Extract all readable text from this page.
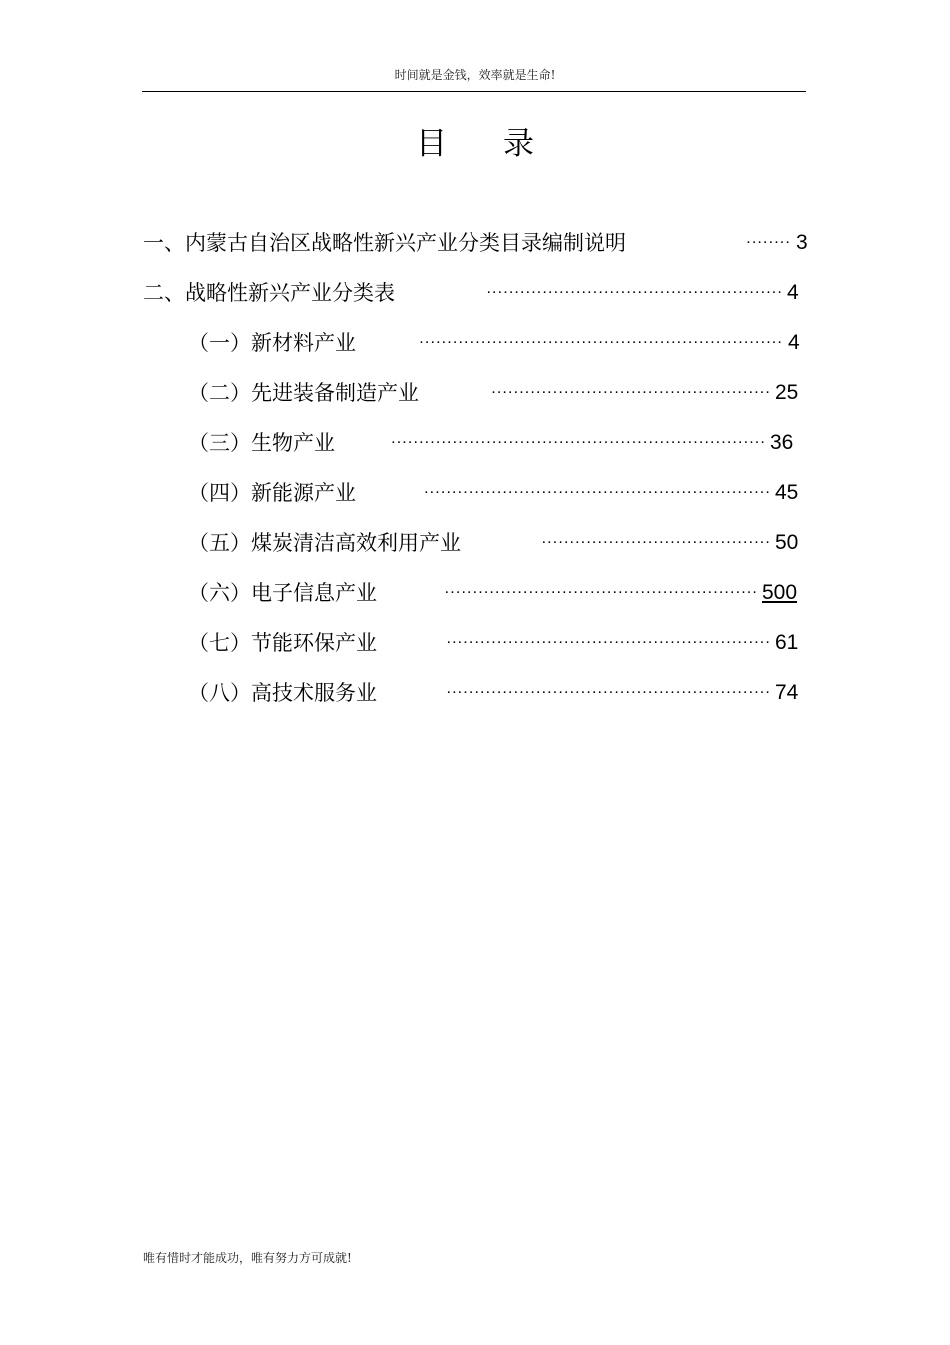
时间就是金钱，效率就是生命!
目录
一、内蒙古自治区战略性新兴产业分类目录编制说明	........ 3
二、战略性新兴产业分类表	..................................................... 4
（一）新材料产业	................................................................. 4
（二）先进装备制造产业	.................................................. 25
（三）生物产业	................................................................... 36
（四）新能源产业	.............................................................. 45
（五）煤炭清洁高效利用产业	......................................... 50
（六）电子信息产业	........................................................ 500
（七）节能环保产业	.......................................................... 61
（八）高技术服务业	.......................................................... 74
唯有惜时才能成功，唯有努力方可成就!
